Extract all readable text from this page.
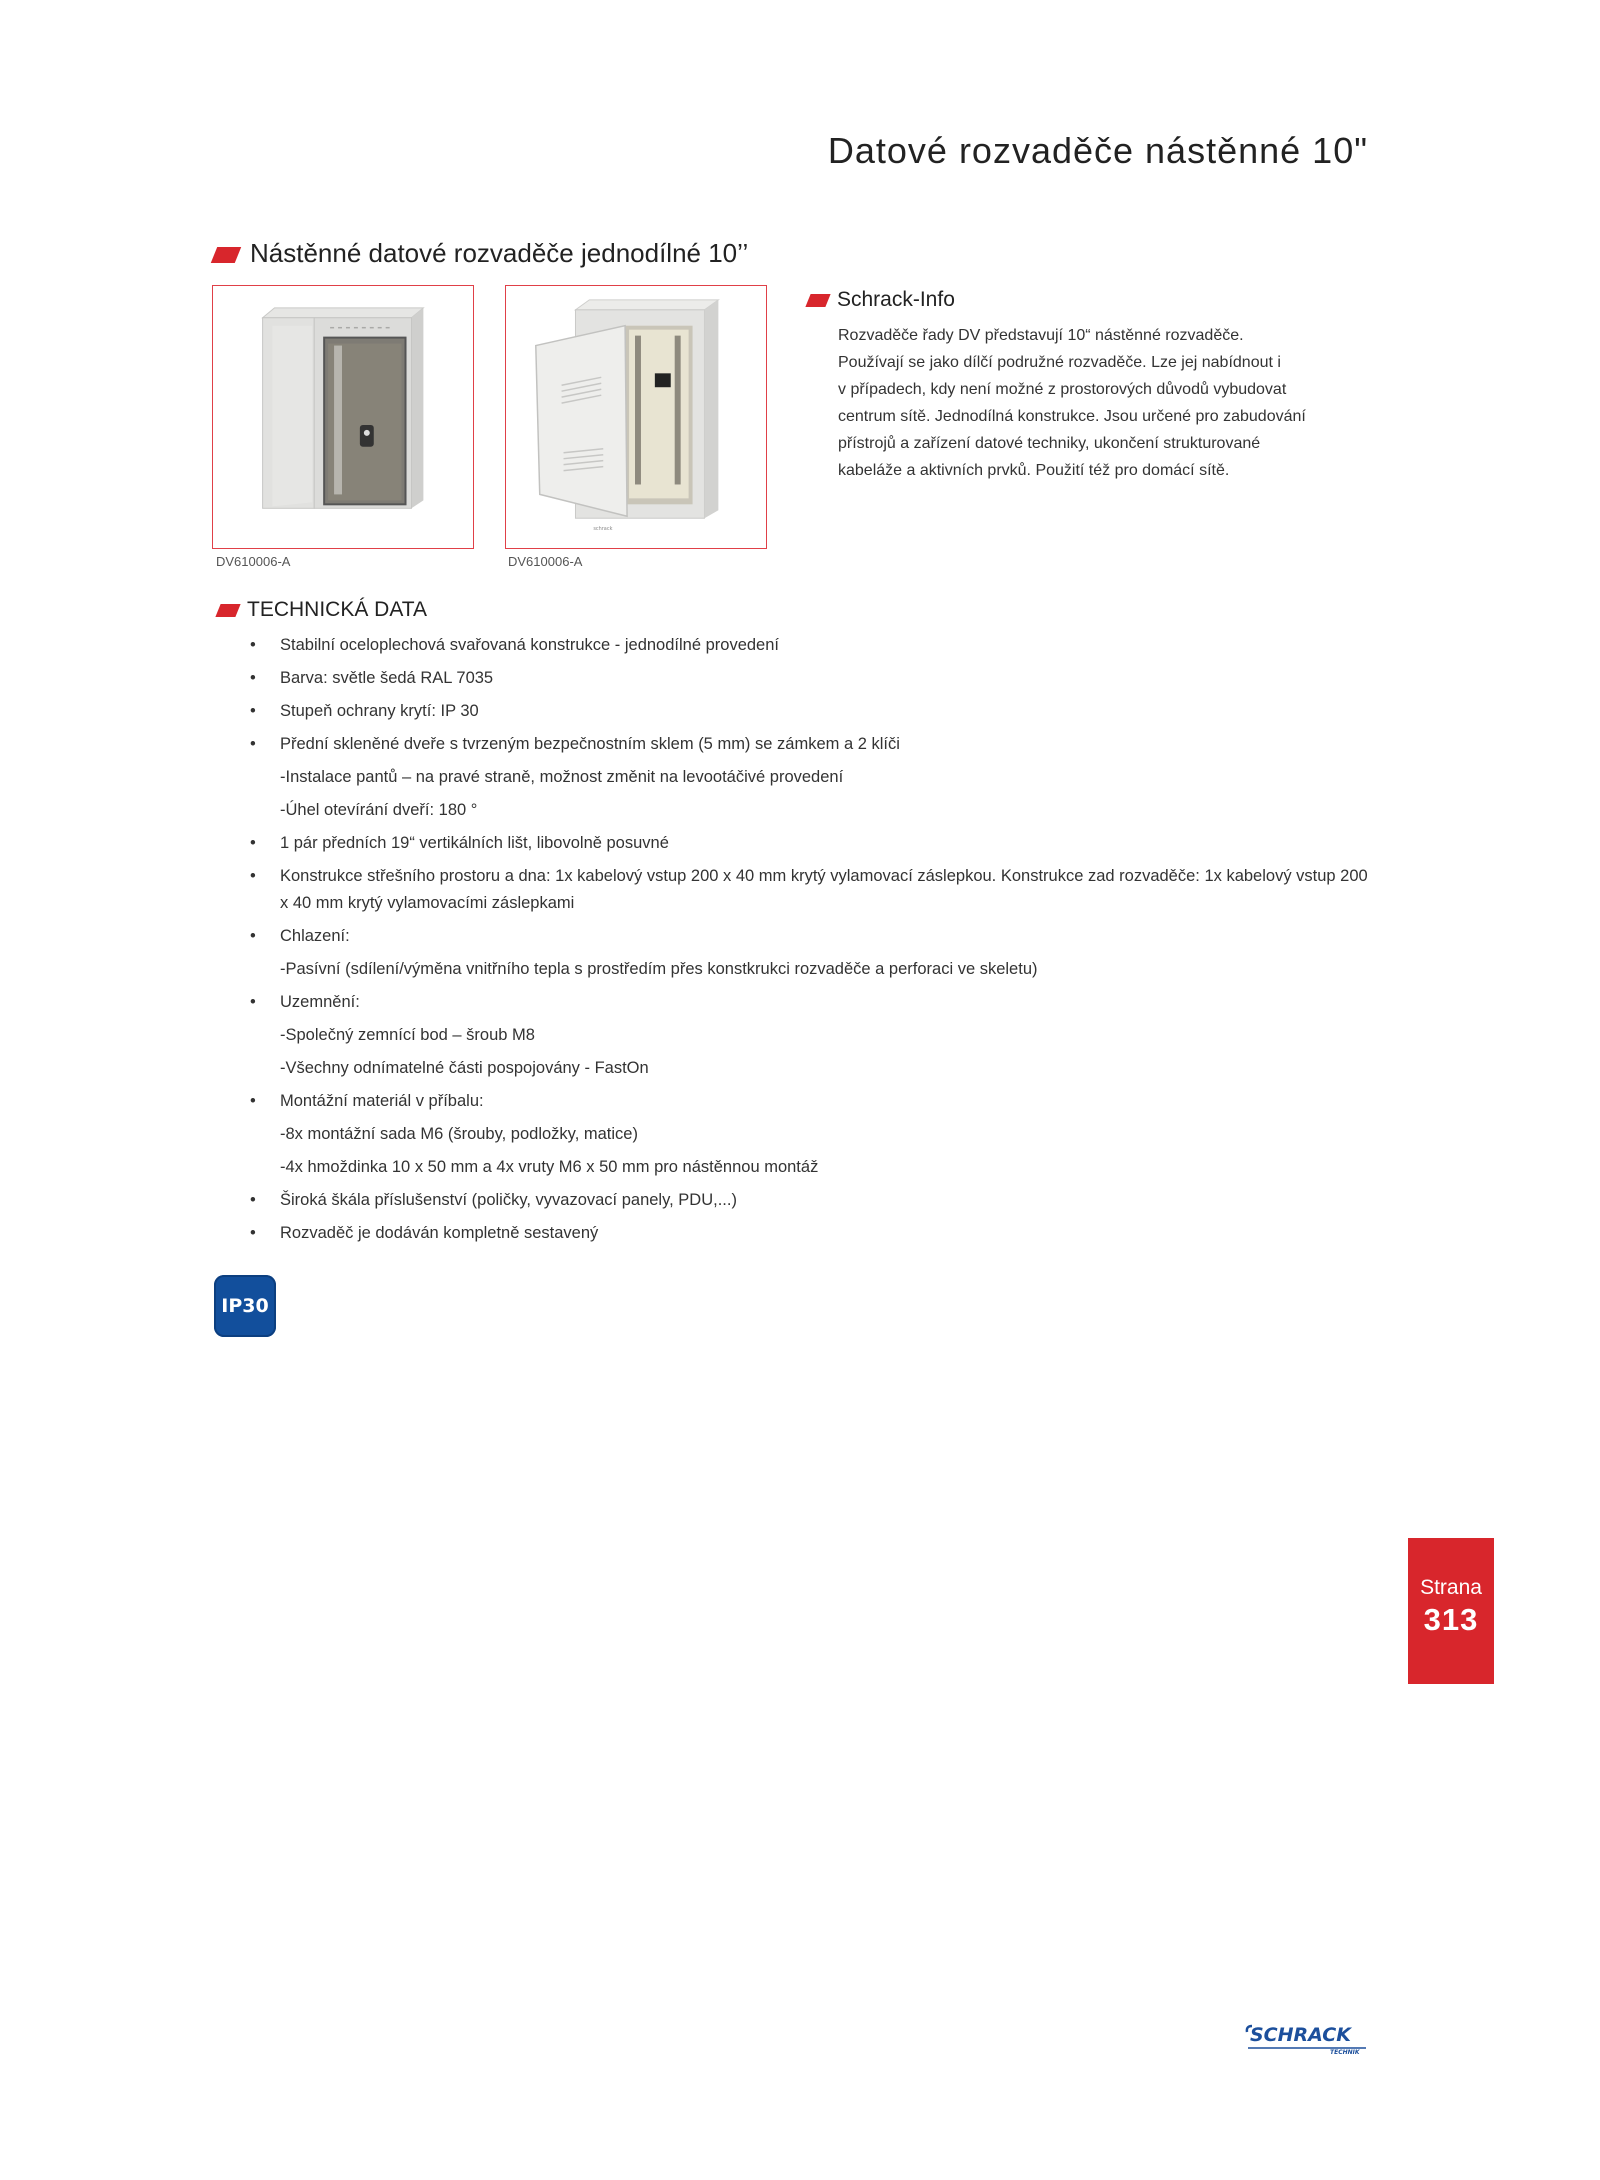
Datové rozvaděče nástěnné 10"
Nástěnné datové rozvaděče jednodílné 10’’
DV610006-A
schrack
DV610006-A
Schrack-Info
Rozvaděče řady DV představují 10“ nástěnné rozvaděče.
Používají se jako dílčí podružné rozvaděče. Lze jej nabídnout i
v případech, kdy není možné z prostorových důvodů vybudovat
centrum sítě. Jednodílná konstrukce. Jsou určené pro zabudování
přístrojů a zařízení datové techniky, ukončení strukturované
kabeláže a aktivních prvků. Použití též pro domácí sítě.
TECHNICKÁ DATA
• Stabilní oceloplechová svařovaná konstrukce - jednodílné provedení
• Barva: světle šedá RAL 7035
• Stupeň ochrany krytí: IP 30
• Přední skleněné dveře s tvrzeným bezpečnostním sklem (5 mm) se zámkem a 2 klíči
-Instalace pantů – na pravé straně, možnost změnit na levootáčivé provedení
-Úhel otevírání dveří: 180 °
• 1 pár předních 19“ vertikálních lišt, libovolně posuvné
• Konstrukce střešního prostoru a dna: 1x kabelový vstup 200 x 40 mm krytý vylamovací záslepkou. Konstrukce zad rozvaděče: 1x kabelový vstup 200 x 40 mm krytý vylamovacími záslepkami
• Chlazení:
-Pasívní (sdílení/výměna vnitřního tepla s prostředím přes konstkrukci rozvaděče a perforaci ve skeletu)
• Uzemnění:
-Společný zemnící bod – šroub M8
-Všechny odnímatelné části pospojovány - FastOn
• Montážní materiál v příbalu:
-8x montážní sada M6 (šrouby, podložky, matice)
-4x hmoždinka 10 x 50 mm a 4x vruty M6 x 50 mm pro nástěnnou montáž
• Široká škála příslušenství (poličky, vyvazovací panely, PDU,...)
• Rozvaděč je dodáván kompletně sestavený
IP30
Strana
313
SCHRACK
TECHNIK
